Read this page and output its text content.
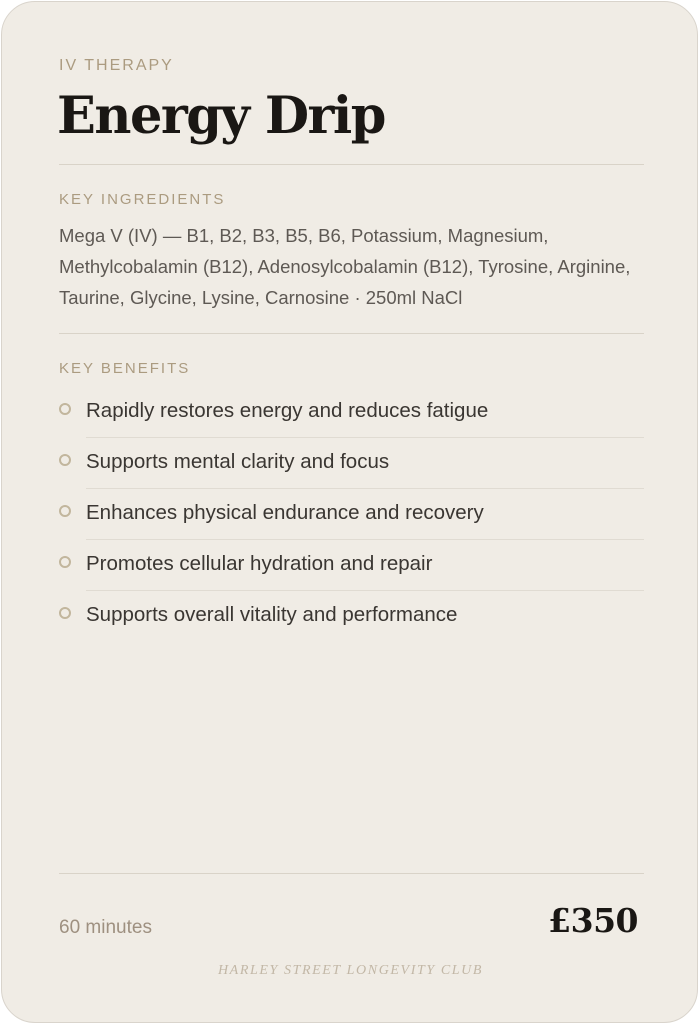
IV THERAPY
Energy Drip
KEY INGREDIENTS
Mega V (IV) — B1, B2, B3, B5, B6, Potassium, Magnesium, Methylcobalamin (B12), Adenosylcobalamin (B12), Tyrosine, Arginine, Taurine, Glycine, Lysine, Carnosine · 250ml NaCl
KEY BENEFITS
Rapidly restores energy and reduces fatigue
Supports mental clarity and focus
Enhances physical endurance and recovery
Promotes cellular hydration and repair
Supports overall vitality and performance
60 minutes	£350
HARLEY STREET LONGEVITY CLUB
